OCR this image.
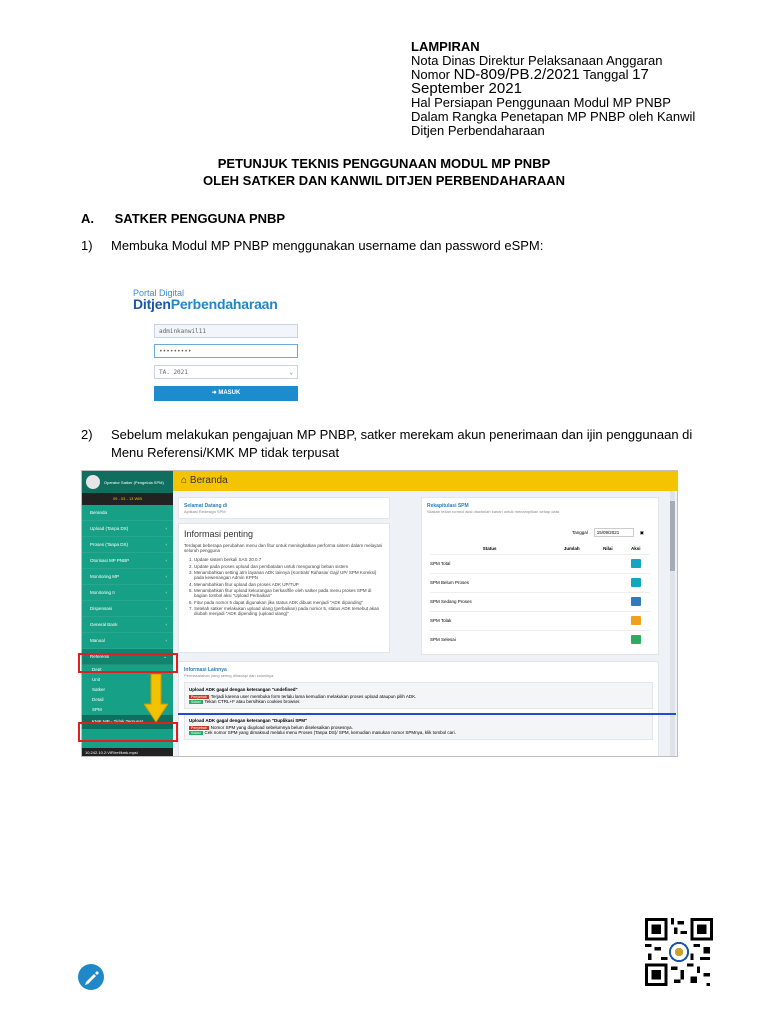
LAMPIRAN
Nota Dinas Direktur Pelaksanaan Anggaran
Nomor ND-809/PB.2/2021 Tanggal 17
September 2021
Hal Persiapan Penggunaan Modul MP PNBP
Dalam Rangka Penetapan MP PNBP oleh Kanwil
Ditjen Perbendaharaan
PETUNJUK TEKNIS PENGGUNAAN MODUL MP PNBP
OLEH SATKER DAN KANWIL DITJEN PERBENDAHARAAN
A. SATKER PENGGUNA PNBP
1) Membuka Modul MP PNBP menggunakan username dan password eSPM:
Portal Digital
DitjenPerbendaharaan
adminkanwil11
•••••••••
TA. 2021	⌄
➜ MASUK
2) Sebelum melakukan pengajuan MP PNBP, satker merekam akun penerimaan dan ijin penggunaan di Menu Referensi/KMK MP tidak terpusat
Operator Satker (Pengelola SPM)
09 - 03 - 13 WIB
Beranda
Upload (Tanpa DS)	‹
Proses (Tanpa DS)	‹
Otorisasi MP PNBP	‹
Monitoring MP	‹
Monitoring II	‹
Dispensasi	‹
General Bank	‹
Manual	‹
Referensi	⌄
Dept
Unit
Satker
Detail
SPM
KMK MP - Tidak Terpusat
10.242.10.2:VIR/ref/kmk.mpsi
⌂ Beranda
Selamat Datang di
Aplikasi Redesign SPM
Informasi penting
Terdapat beberapa perubahan menu dan fitur untuk meningkatkan performa sistem dalam melayani seluruh pengguna
1. Update sistem berkali SAS 20.0.7
2. Update pada proses upload dan pembatalan untuk mengurangi beban sistem
3. Menambahkan setting atm layanan ADK lainnya (Kontrak/ Rahasia/ Gaji/ UP/ SPM Koreksi) pada kewenangan Admin KPPN
4. Menambahkan fitur upload dan proses ADK UP/TUP
5. Menambahkan fitur upload kekurangan berkas/file oleh satker pada menu proses SPM di bagian tombol aksi "Upload Perbaikan"
6. Fitur pada nomor 5 dapat digunakan jika status ADK dibuat menjadi "ADK dipanding"
7. Setelah satker melakukan upload ulang (perbaikan) pada nomor 5, status ADK tersebut akan diubah menjadi "ADK dipending (upload ulang)"
Rekapitulasi SPM
Silakan tekan tombol aksi disebelah kanan untuk menampilkan setiap data
Tanggal	15/09/2021	▣
Status	Jumlah	Nilai	Aksi
SPM Total			
SPM Belum Proses			
SPM Sedang Proses			
SPM Tolak			
SPM Selesai			
Informasi Lainnya
Permasalahan yang sering dihadapi dan solusinya
Upload ADK gagal dengan keterangan "undefined"
Penyebab Terjadi karena user membuka form terlalu lama kemudian melakukan proses upload ataupun pilih ADK.
Solusi Tekan CTRL+F atau bersihkan cookies browser.
Upload ADK gagal dengan keterangan "Duplikasi SPM"
Penyebab Nomor SPM yang diupload sebelumnya belum diselesaikan prosesnya.
Solusi Cek nomor SPM yang dimaksud melalui menu Proses (Tanpa DS)/ SPM, kemudian masukan nomor SPMnya, klik tombol cari.
